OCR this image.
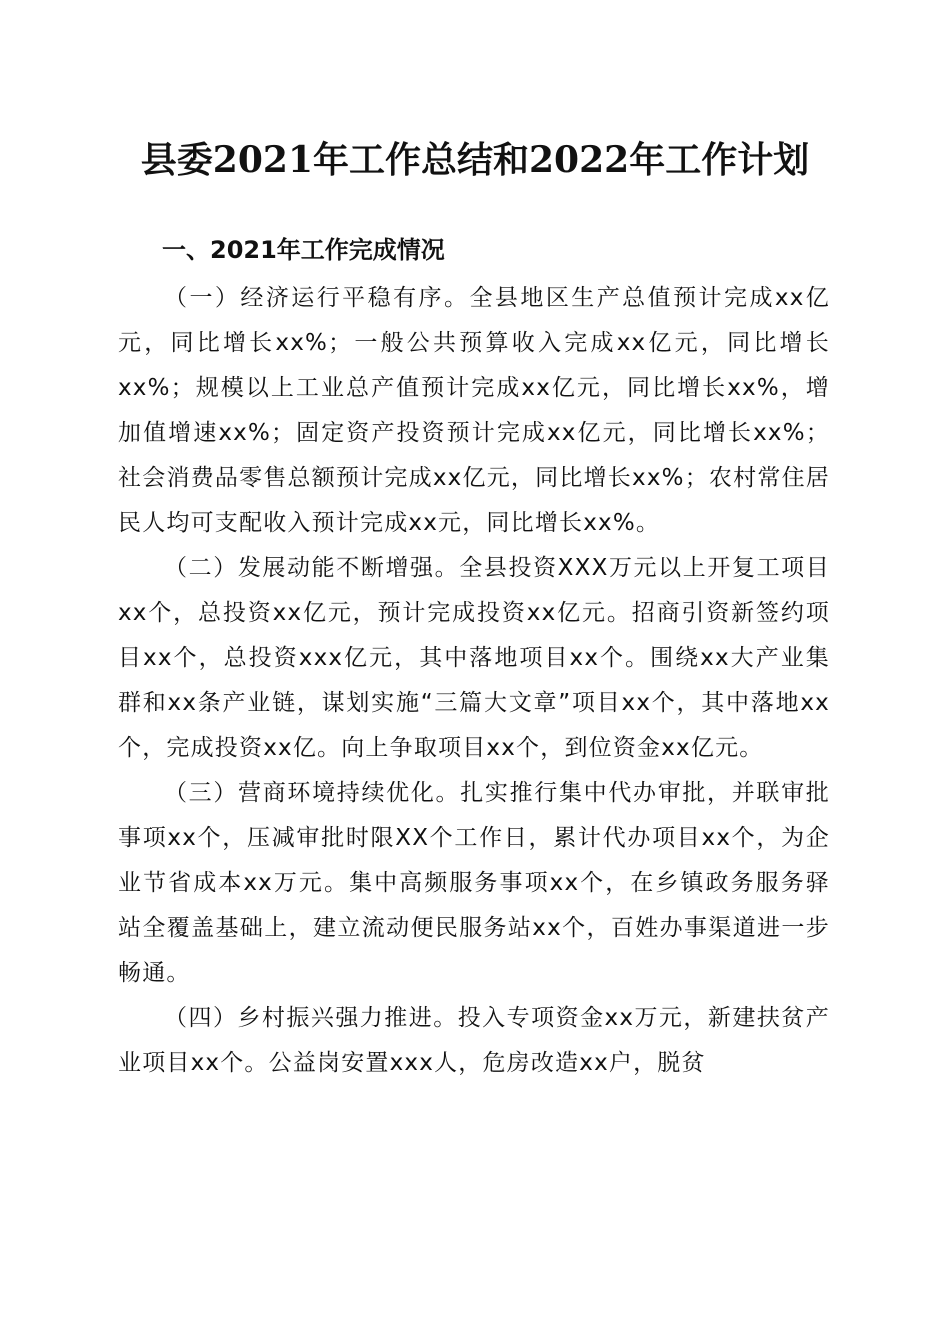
县委2021年工作总结和2022年工作计划
一、2021年工作完成情况

（一）经济运行平稳有序。全县地区生产总值预计完成xx亿元，同比增长xx%；一般公共预算收入完成xx亿元，同比增长xx%；规模以上工业总产值预计完成xx亿元，同比增长xx%，增加值增速xx%；固定资产投资预计完成xx亿元，同比增长xx%；社会消费品零售总额预计完成xx亿元，同比增长xx%；农村常住居民人均可支配收入预计完成xx元，同比增长xx%。

（二）发展动能不断增强。全县投资XXX万元以上开复工项目xx个，总投资xx亿元，预计完成投资xx亿元。招商引资新签约项目xx个，总投资xxx亿元，其中落地项目xx个。围绕xx大产业集群和xx条产业链，谋划实施“三篇大文章”项目xx个，其中落地xx个，完成投资xx亿。向上争取项目xx个，到位资金xx亿元。

（三）营商环境持续优化。扎实推行集中代办审批，并联审批事项xx个，压减审批时限XX个工作日，累计代办项目xx个，为企业节省成本xx万元。集中高频服务事项xx个，在乡镇政务服务驿站全覆盖基础上，建立流动便民服务站xx个，百姓办事渠道进一步畅通。

（四）乡村振兴强力推进。投入专项资金xx万元，新建扶贫产业项目xx个。公益岗安置xxx人，危房改造xx户，脱贫
